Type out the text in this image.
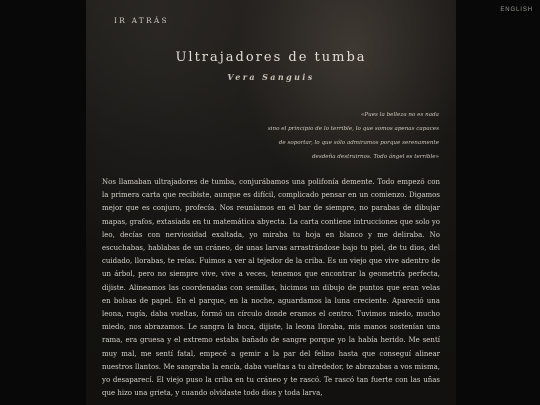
ENGLISH
IR ATRÁS
Ultrajadores de tumba
Vera Sanguis
«Pues la belleza no es nada
sino el principio de lo terrible, lo que somos apenas capaces
de soportar, lo que sólo admiramos porque serenamente
desdeña destruirnos. Todo ángel es terrible»

Nos llamaban ultrajadores de tumba, conjurábamos una polifonía demente. Todo empezó con la primera carta que recibiste, aunque es difícil, complicado pensar en un comienzo. Digamos mejor que es conjuro, profecía. Nos reuníamos en el bar de siempre, no parabas de dibujar mapas, grafos, extasiada en tu matemática abyecta. La carta contiene intrucciones que solo yo leo, decías con nerviosidad exaltada, yo miraba tu hoja en blanco y me deliraba. No escuchabas, hablabas de un cráneo, de unas larvas arrastrándose bajo tu piel, de tu dios, del cuidado, llorabas, te reías. Fuimos a ver al tejedor de la criba. Es un viejo que vive adentro de un árbol, pero no siempre vive, vive a veces, tenemos que encontrar la geometría perfecta, dijiste. Alineamos las coordenadas con semillas, hicimos un dibujo de puntos que eran velas en bolsas de papel. En el parque, en la noche, aguardamos la luna creciente. Apareció una leona, rugía, daba vueltas, formó un círculo donde eramos el centro. Tuvimos miedo, mucho miedo, nos abrazamos. Le sangra la boca, dijiste, la leona lloraba, mis manos sostenían una rama, era gruesa y el extremo estaba bañado de sangre porque yo la había herido. Me sentí muy mal, me sentí fatal, empecé a gemir a la par del felino hasta que conseguí alinear nuestros llantos. Me sangraba la encía, daba vueltas a tu alrededor, te abrazabas a vos misma, yo desaparecí. El viejo puso la criba en tu cráneo y te rascó. Te rascó tan fuerte con las uñas que hizo una grieta, y cuando olvidaste todo dios y toda larva,
